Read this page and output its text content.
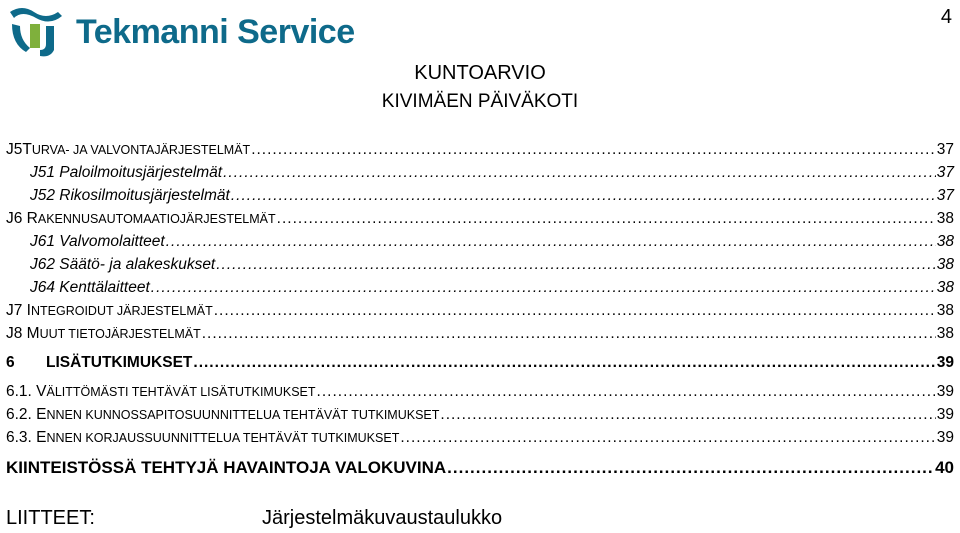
Tekmanni Service	4
KUNTOARVIO
KIVIMÄEN PÄIVÄKOTI
J5TURVA- JA VALVONTAJÄRJESTELMÄT .....	37
J51 Paloilmoitusjärjestelmät .....	37
J52 Rikosilmoitusjärjestelmät .....	37
J6 RAKENNUSAUTOMAATIOJÄRJESTELMÄT .....	38
J61 Valvomolaitteet .....	38
J62 Säätö- ja alakeskukset .....	38
J64 Kenttälaitteet .....	38
J7 INTEGROIDUT JÄRJESTELMÄT .....	38
J8 MUUT TIETOJÄRJESTELMÄT .....	38
6 LISÄTUTKIMUKSET .....	39
6.1. VÄLITTÖMÄSTI TEHTÄVÄT LISÄTUTKIMUKSET .....	39
6.2. ENNEN KUNNOSSAPITOSUUNNITTELUA TEHTÄVÄT TUTKIMUKSET .....	39
6.3. ENNEN KORJAUSSUUNNITTELUA TEHTÄVÄT TUTKIMUKSET .....	39
KIINTEISTÖSSÄ TEHTYJÄ HAVAINTOJA VALOKUVINA .....	40
LIITTEET:	Järjestelmäkuvaustaulukko
